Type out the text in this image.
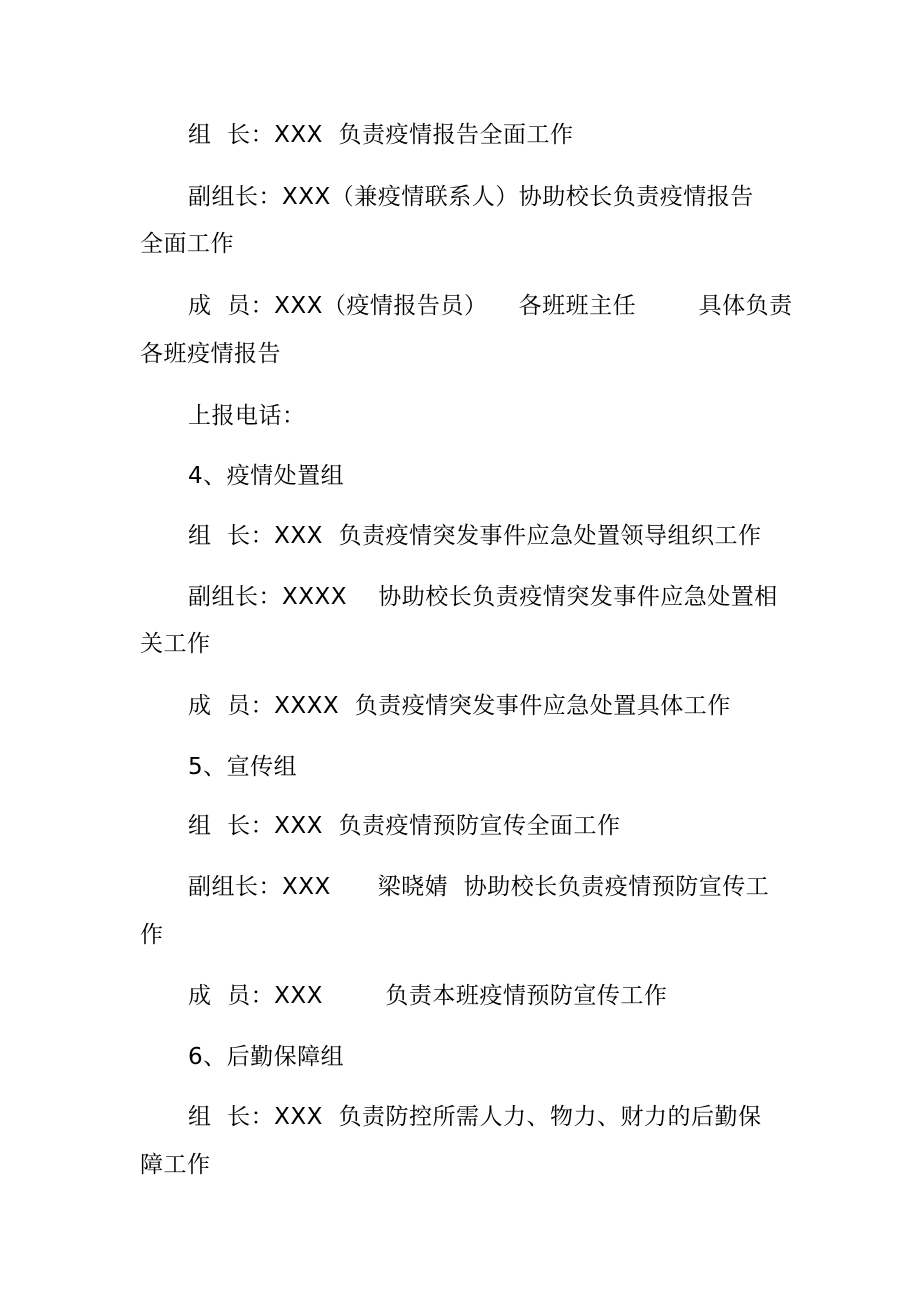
组  长：XXX  负责疫情报告全面工作
副组长：XXX（兼疫情联系人）协助校长负责疫情报告
全面工作
成  员：XXX（疫情报告员）    各班班主任        具体负责
各班疫情报告
上报电话：
4、疫情处置组
组  长：XXX  负责疫情突发事件应急处置领导组织工作
副组长：XXXX    协助校长负责疫情突发事件应急处置相
关工作
成  员：XXXX  负责疫情突发事件应急处置具体工作
5、宣传组
组  长：XXX  负责疫情预防宣传全面工作
副组长：XXX      梁晓婧  协助校长负责疫情预防宣传工
作
成  员：XXX        负责本班疫情预防宣传工作
6、后勤保障组
组  长：XXX  负责防控所需人力、物力、财力的后勤保
障工作
